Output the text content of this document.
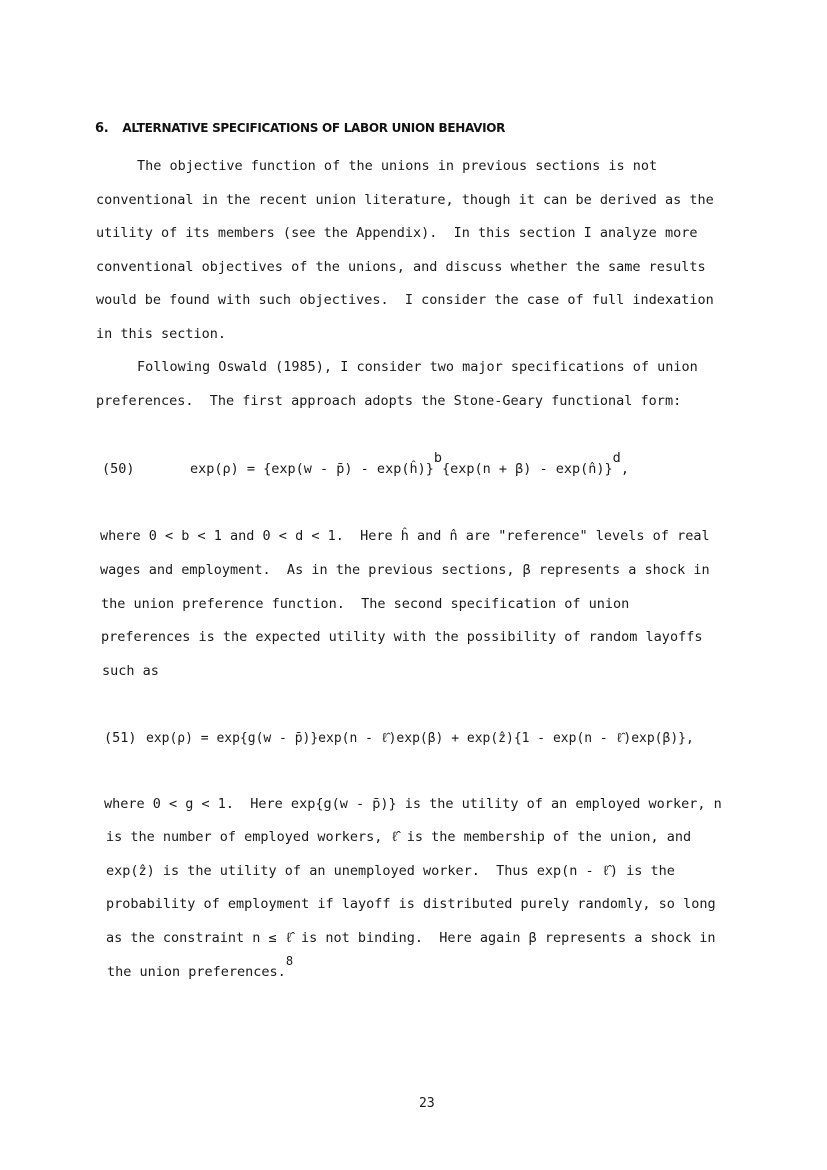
6. ALTERNATIVE SPECIFICATIONS OF LABOR UNION BEHAVIOR
The objective function of the unions in previous sections is not
conventional in the recent union literature, though it can be derived as the
utility of its members (see the Appendix).  In this section I analyze more
conventional objectives of the unions, and discuss whether the same results
would be found with such objectives.  I consider the case of full indexation
in this section.
Following Oswald (1985), I consider two major specifications of union
preferences.  The first approach adopts the Stone-Geary functional form:
(50)	exp(ρ) = {exp(w - p̄) - exp(ĥ)}b{exp(n + β) - exp(n̂)}d,
where 0 < b < 1 and 0 < d < 1.  Here ĥ and n̂ are "reference" levels of real
wages and employment.  As in the previous sections, β represents a shock in
the union preference function.  The second specification of union
preferences is the expected utility with the possibility of random layoffs
such as
(51) exp(ρ) = exp{g(w - p̄)}exp(n - ℓ̂)exp(β) + exp(ẑ){1 - exp(n - ℓ̂)exp(β)},
where 0 < g < 1.  Here exp{g(w - p̄)} is the utility of an employed worker, n
is the number of employed workers, ℓ̂ is the membership of the union, and
exp(ẑ) is the utility of an unemployed worker.  Thus exp(n - ℓ̂) is the
probability of employment if layoff is distributed purely randomly, so long
as the constraint n ≤ ℓ̂ is not binding.  Here again β represents a shock in
the union preferences.8
23
